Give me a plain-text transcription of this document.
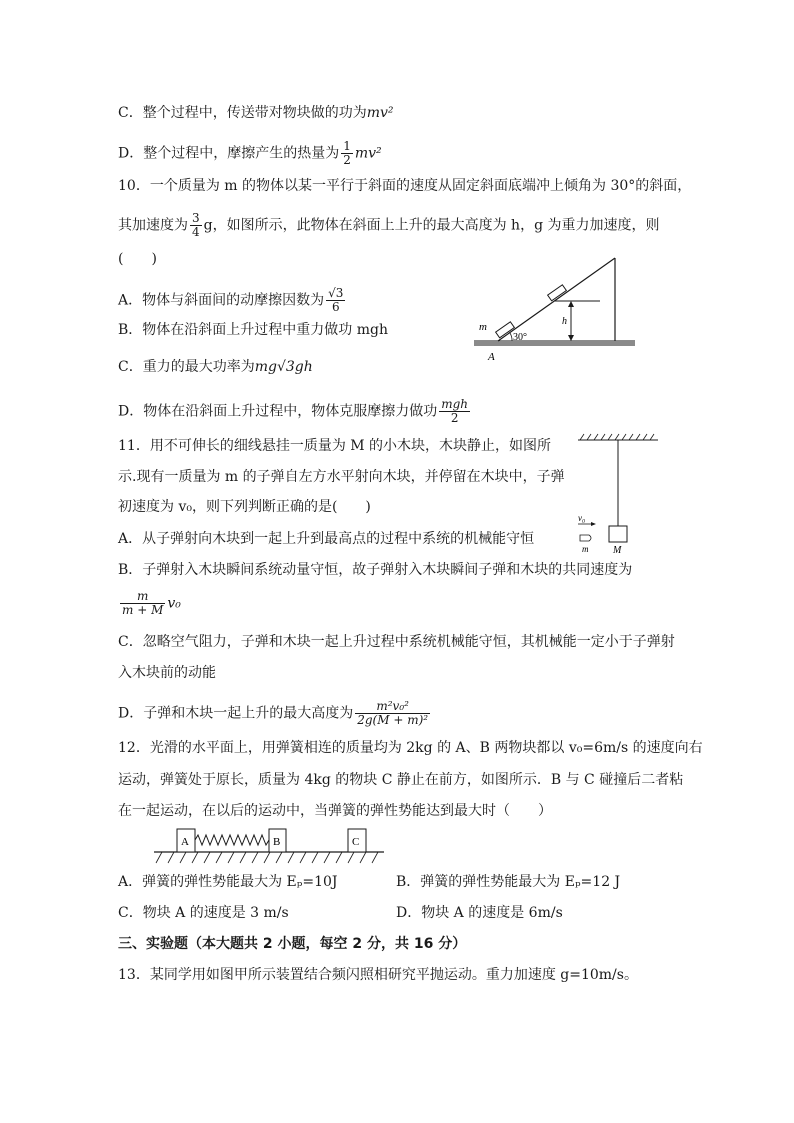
C．整个过程中，传送带对物块做的功为mv²
D．整个过程中，摩擦产生的热量为 $\frac{1}{2} mv^2$
10．一个质量为 m 的物体以某一平行于斜面的速度从固定斜面底端冲上倾角为 30°的斜面，
其加速度为 $\frac{3}{4}$ g，如图所示，此物体在斜面上上升的最大高度为 h，g 为重力加速度，则
(　　)
A．物体与斜面间的动摩擦因数为 $\frac{√3}{6}$
B．物体在沿斜面上升过程中重力做功 mgh
C．重力的最大功率为mg√3gh
D．物体在沿斜面上升过程中，物体克服摩擦力做功 $\frac{\text{mgh}}{2}$
m
30°
h
A
11．用不可伸长的细线悬挂一质量为 M 的小木块，木块静止，如图所
示.现有一质量为 m 的子弹自左方水平射向木块，并停留在木块中，子弹
初速度为 v₀，则下列判断正确的是(　　)
A．从子弹射向木块到一起上升到最高点的过程中系统的机械能守恒
B．子弹射入木块瞬间系统动量守恒，故子弹射入木块瞬间子弹和木块的共同速度为
$\frac{m}{m + M} v_0$
C．忽略空气阻力，子弹和木块一起上升过程中系统机械能守恒，其机械能一定小于子弹射
入木块前的动能
D．子弹和木块一起上升的最大高度为 $\frac{\text{m²v₀²}}{\text{2g(M + m)²}}$
v₀
m M
12．光滑的水平面上，用弹簧相连的质量均为 2kg 的 A、B 两物块都以 v₀=6m/s 的速度向右
运动，弹簧处于原长，质量为 4kg 的物块 C 静止在前方，如图所示．B 与 C 碰撞后二者粘
在一起运动，在以后的运动中，当弹簧的弹性势能达到最大时（　　）
A	B	C
A．弹簧的弹性势能最大为 Eₚ=10J	B．弹簧的弹性势能最大为 Eₚ=12 J
C．物块 A 的速度是 3 m/s	D．物块 A 的速度是 6m/s
三、实验题（本大题共 2 小题，每空 2 分，共 16 分）
13．某同学用如图甲所示装置结合频闪照相研究平抛运动。重力加速度 g=10m/s。
